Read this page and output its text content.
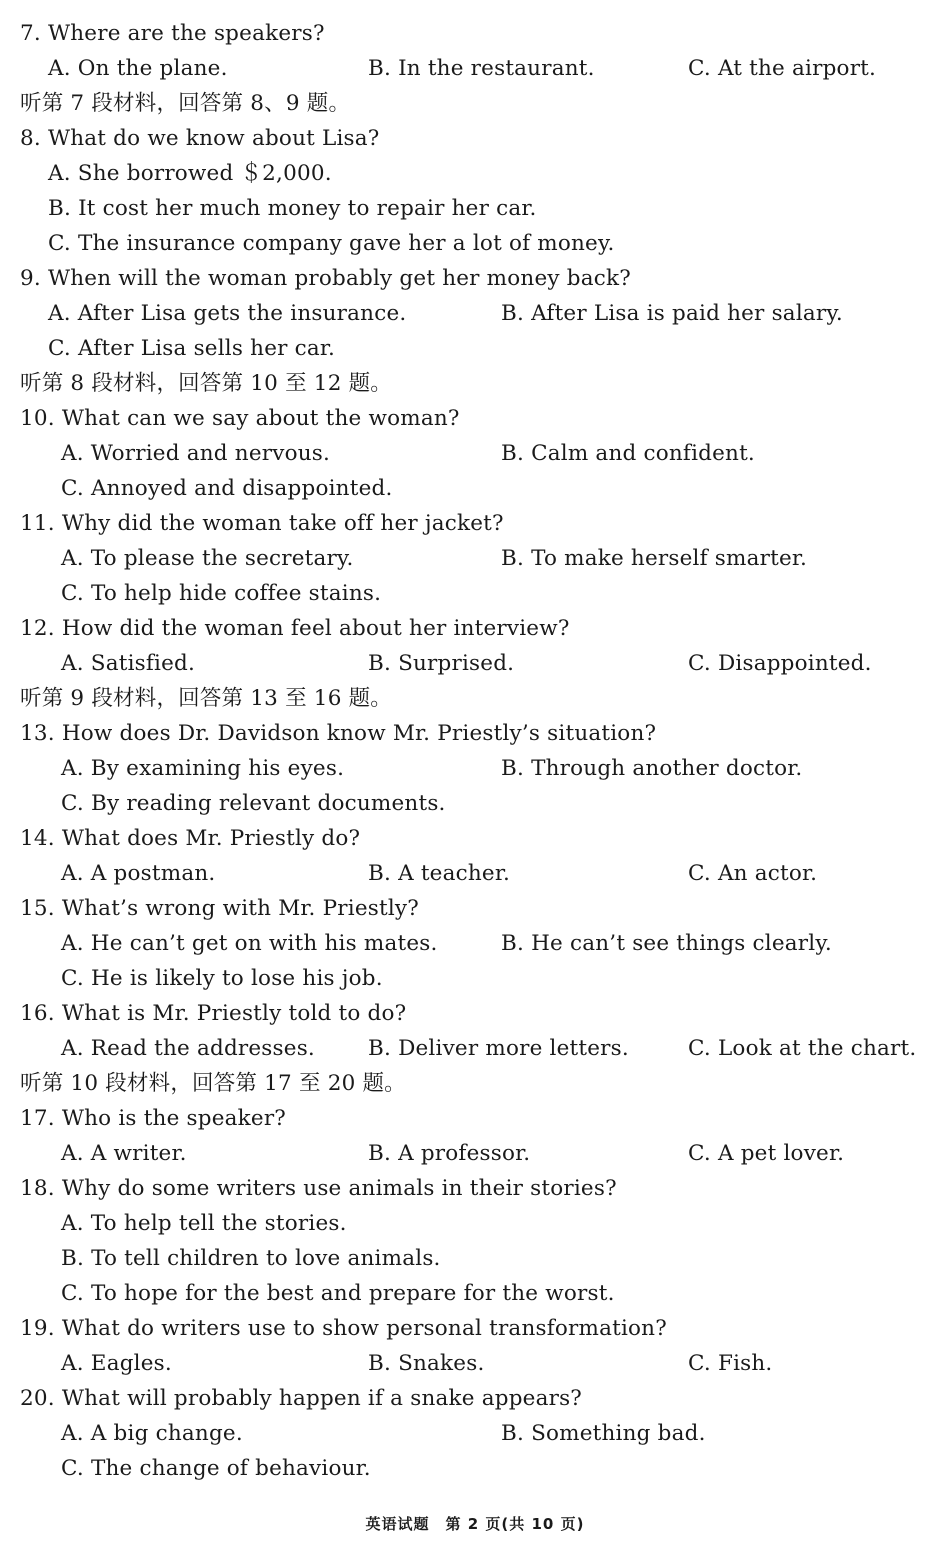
7. Where are the speakers?
A. On the plane.	B. In the restaurant.	C. At the airport.
听第 7 段材料，回答第 8、9 题。
8. What do we know about Lisa?
A. She borrowed ＄2,000.
B. It cost her much money to repair her car.
C. The insurance company gave her a lot of money.
9. When will the woman probably get her money back?
A. After Lisa gets the insurance.	B. After Lisa is paid her salary.
C. After Lisa sells her car.
听第 8 段材料，回答第 10 至 12 题。
10. What can we say about the woman?
A. Worried and nervous.	B. Calm and confident.
C. Annoyed and disappointed.
11. Why did the woman take off her jacket?
A. To please the secretary.	B. To make herself smarter.
C. To help hide coffee stains.
12. How did the woman feel about her interview?
A. Satisfied.	B. Surprised.	C. Disappointed.
听第 9 段材料，回答第 13 至 16 题。
13. How does Dr. Davidson know Mr. Priestly’s situation?
A. By examining his eyes.	B. Through another doctor.
C. By reading relevant documents.
14. What does Mr. Priestly do?
A. A postman.	B. A teacher.	C. An actor.
15. What’s wrong with Mr. Priestly?
A. He can’t get on with his mates.	B. He can’t see things clearly.
C. He is likely to lose his job.
16. What is Mr. Priestly told to do?
A. Read the addresses. B. Deliver more letters.	C. Look at the chart.
听第 10 段材料，回答第 17 至 20 题。
17. Who is the speaker?
A. A writer.	B. A professor.	C. A pet lover.
18. Why do some writers use animals in their stories?
A. To help tell the stories.
B. To tell children to love animals.
C. To hope for the best and prepare for the worst.
19. What do writers use to show personal transformation?
A. Eagles.	B. Snakes.	C. Fish.
20. What will probably happen if a snake appears?
A. A big change.	B. Something bad.
C. The change of behaviour.
英语试题　第 2 页(共 10 页)
